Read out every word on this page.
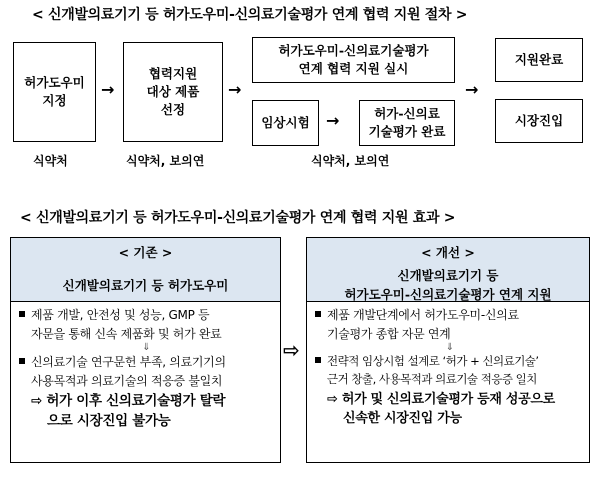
< 신개발의료기기 등 허가도우미-신의료기술평가 연계 협력 지원 절차 >
허가도우미
지정
→
협력지원
대상 제품
선정
→
허가도우미-신의료기술평가
연계 협력 지원 실시
임상시험	→	허가-신의료
기술평가 완료
→
지원완료
시장진입
식약처	식약처, 보의연	식약처, 보의연
< 신개발의료기기 등 허가도우미-신의료기술평가 연계 협력 지원 효과 >
< 기존 >
신개발의료기기 등 허가도우미
제품 개발, 안전성 및 성능, GMP 등
자문을 통해 신속 제품화 및 허가 완료
⇓
신의료기술 연구문헌 부족, 의료기기의
사용목적과 의료기술의 적응증 불일치
⇨ 허가 이후 신의료기술평가 탈락
으로 시장진입 불가능
⇨
< 개선 >
신개발의료기기 등
허가도우미-신의료기술평가 연계 지원
제품 개발단계에서 허가도우미-신의료
기술평가 종합 자문 연계
⇓
전략적 임상시험 설계로 ‘허가 + 신의료기술’
근거 창출, 사용목적과 의료기술 적응증 일치
⇨ 허가 및 신의료기술평가 등재 성공으로
신속한 시장진입 가능
